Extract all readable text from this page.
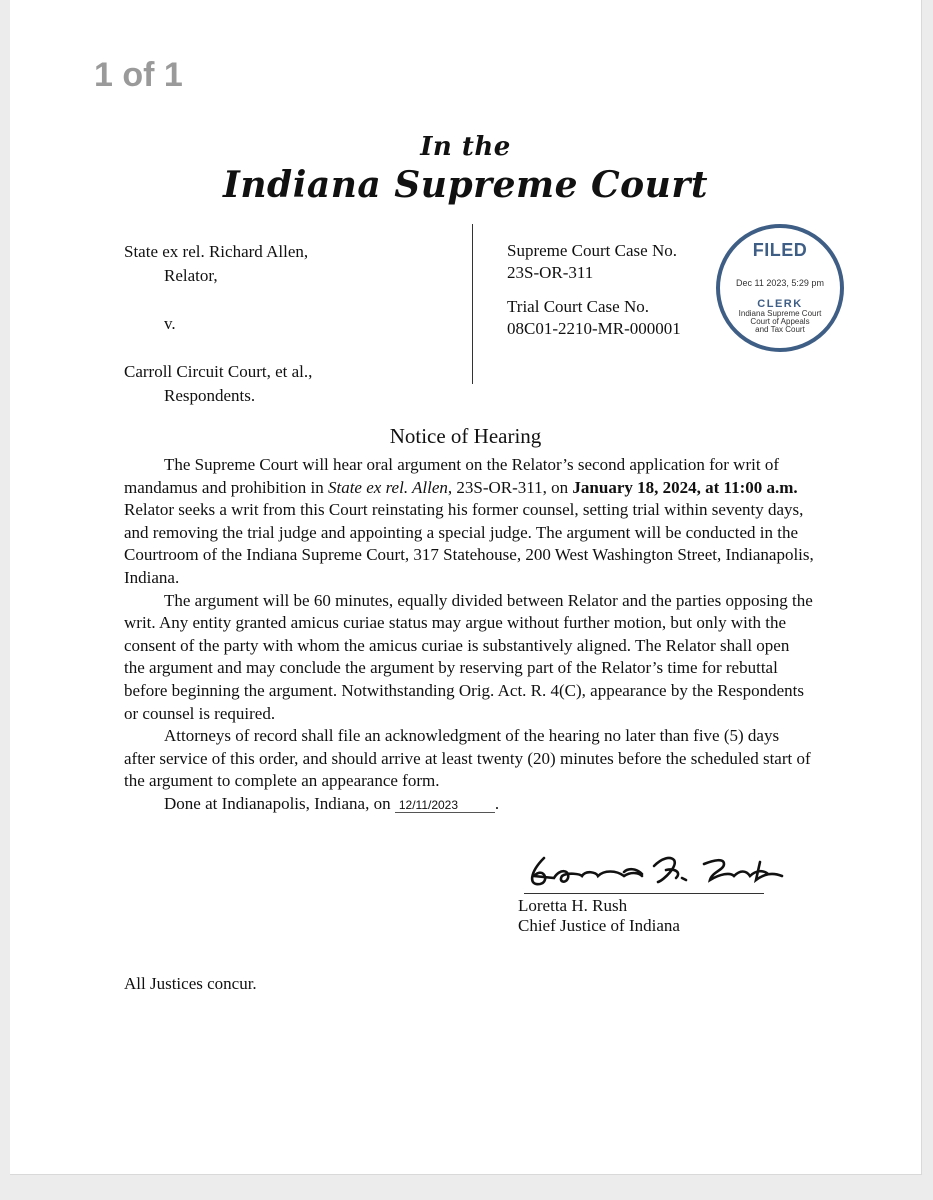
1 of 1
In the
Indiana Supreme Court
State ex rel. Richard Allen,
Relator,
v.
Carroll Circuit Court, et al.,
Respondents.
Supreme Court Case No.
23S-OR-311
Trial Court Case No.
08C01-2210-MR-000001
FILED
Dec 11 2023, 5:29 pm
CLERK
Indiana Supreme Court
Court of Appeals
and Tax Court
Notice of Hearing

The Supreme Court will hear oral argument on the Relator’s second application for writ of mandamus and prohibition in State ex rel. Allen, 23S-OR-311, on January 18, 2024, at 11:00 a.m. Relator seeks a writ from this Court reinstating his former counsel, setting trial within seventy days, and removing the trial judge and appointing a special judge. The argument will be conducted in the Courtroom of the Indiana Supreme Court, 317 Statehouse, 200 West Washington Street, Indianapolis, Indiana.

The argument will be 60 minutes, equally divided between Relator and the parties opposing the writ. Any entity granted amicus curiae status may argue without further motion, but only with the consent of the party with whom the amicus curiae is substantively aligned. The Relator shall open the argument and may conclude the argument by reserving part of the Relator’s time for rebuttal before beginning the argument. Notwithstanding Orig. Act. R. 4(C), appearance by the Respondents or counsel is required.

Attorneys of record shall file an acknowledgment of the hearing no later than five (5) days after service of this order, and should arrive at least twenty (20) minutes before the scheduled start of the argument to complete an appearance form.

Done at Indianapolis, Indiana, on 12/11/2023 .

Loretta H. Rush
Chief Justice of Indiana
All Justices concur.
